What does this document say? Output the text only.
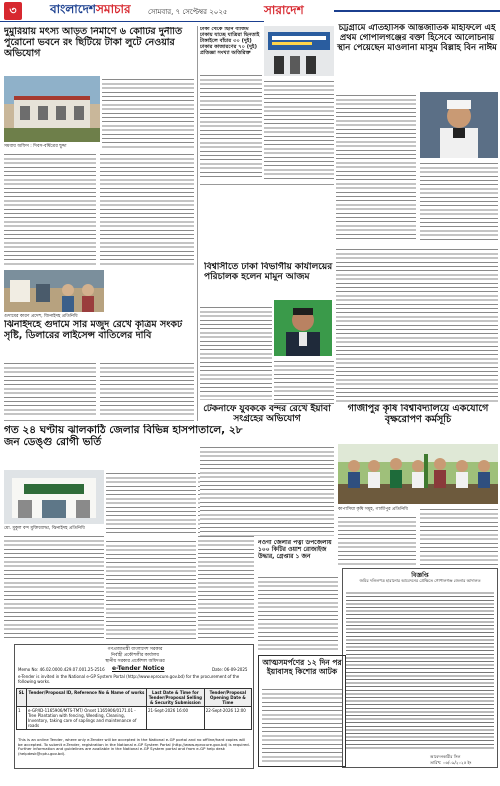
৩	বাংলাদেশসমাচার সোমবার, ৭ সেপ্টেম্বর ২০২৫	সারাদেশ
দুমুরিয়ায় মৎস্য আড়ত নির্মাণে ৬ কোটির দুর্নীতি পুরোনো ভবনে রং ছিটিয়ে টাকা লুটে নেওয়ার অভিযোগ
সমবায় অফিস : দিবস-বর্ষিত্রের ছুদ্দা
গুদামের কারণ প্রদেশ, জিনাইদহ প্রতিনিধি
ঝিনাইদহে গুদামে সার মজুদ রেখে কৃত্রিম সংকট সৃষ্টি, ডিলারের লাইসেন্স বাতিলের দাবি
গত ২৪ ঘণ্টায় ঝালকাঠি জেলার বিভিন্ন হাসপাতালে, ২৮ জন ডেঙ্গু রোগী ভর্তি
মো. মুকুল বন্দ মুক্তিযোদ্ধা, ঝিনাইদহ প্রতিনিধি
গণপ্রজাতন্ত্রী বাংলাদেশ সরকার
নির্বাহী প্রকৌশলীর কার্যালয়
স্থানীয় সরকার প্রকৌশল অধিদপ্তর
Memo No: 46.02.0000.429.07.001.25-2516 e-Tender Notice	Date: 06-09-2025
e-Tender is invited in the National e-GP System Portal (http://www.eprocure.gov.bd) for the procurement of the following works.
SL	Tender/Proposal ID, Reference No & Name of works	Last Date & Time for Tender/Proposal Selling & Security Submission	Tender/Proposal Opening Date & Time
1	e-GP/ID-1165906/MTS-TMT/ Onset 1165906/0171.01 - Tree Plantation with fencing, Weeding, Cleaning, Inventory, taking care of saplings and maintenance of roads	21-Sept-2026 16:00	22-Sept-2026 12:00
This is an online Tender, where only e-Tender will be accepted in the National e-GP portal and no offline/hard copies will be accepted. To submit e-Tender, registration in the National e-GP System Portal (http://www.eprocure.gov.bd) is required. Further information and guidelines are available in the National e-GP System portal and from e-GP help desk (helpdesk@cptu.gov.bd).
ঢাকা থেকে ছিনি বাজিম ঢাকায় যাচ্ছে যাত্রিরা ছিনতাই টাঙ্গাইলে বাঁচার ৩০ (দুই) ঢাকার কাজারণের ৭০ (দুই) প্রতিজ্ঞা সংখ্যা অতিরিক্ত
চট্টগ্রামে ঐতিহাসিক আন্তর্জাতিক মাহফিলে এই প্রথম গোপালগঞ্জের বক্তা হিসেবে আলোচনায় স্থান পেয়েছেন মাওলানা মাসুম বিল্লাহ বিন নাঈম
বিশ্বাসীতে ঢাকা বিভাগীয় কার্যালয়ের পরিচালক হলেন মামুন আজম
টেকনাফে যুবককে বন্দর রেখে ইয়াবা সংগ্রহের অভিযোগ
গাজীপুর কৃষি বিশ্ববিদ্যালয়ে একযোগে বৃক্ষরোপণ কর্মসূচি
কাপাসিয়া কৃষি সমূহ, গাজীপুর প্রতিনিধি
নওগাঁ জেলার পত্নী উপজেলায় ১০০ কিটির ওয়াশ রোজাইজ উদ্ধার, গ্রেপ্তার ১ জন
বিজ্ঞপ্তি
জমির দলিলপত্র হারানোর আবেদনের প্রেক্ষিতে গোপালগঞ্জ জেলার আদালত
আবেদনকারীর সিল
তারিখ: ০৬/০৯/২০২৫ ইং
আত্মসমর্পণের ১২ দিন পর ইয়াবাসহ কিশোর আটক
